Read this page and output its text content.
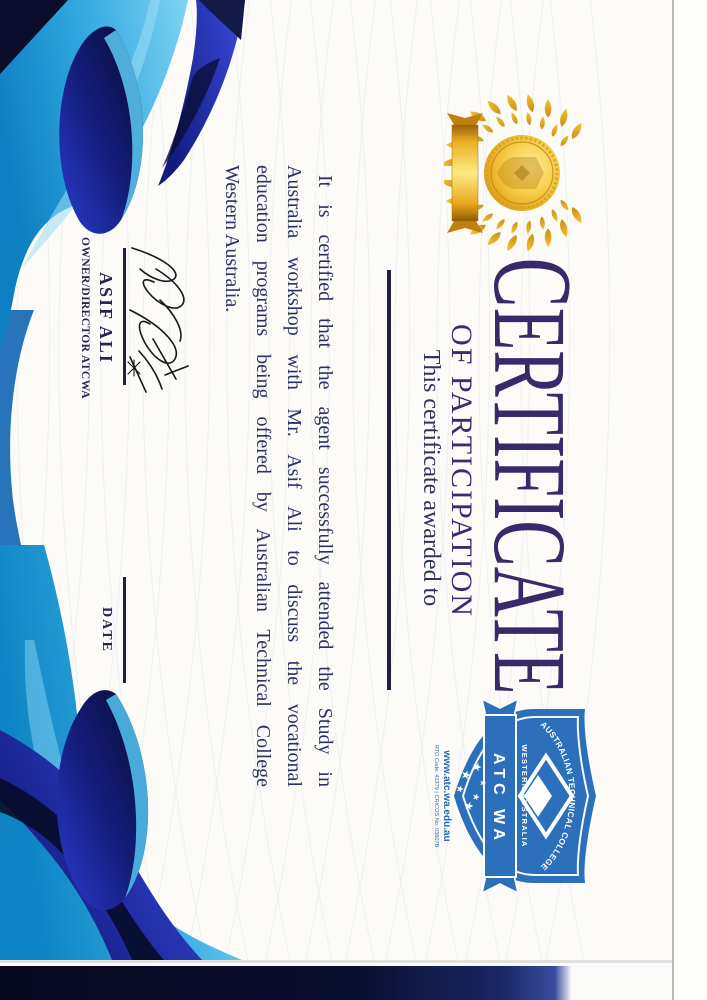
CERTIFICATE
OF PARTICIPATION
This certificate awarded to
It is certified that the agent successfully attended the Study in
Australia workshop with Mr. Asif Ali to discuss the vocational
education programs being offered by Australian Technical College
Western Australia.
ASIF ALI
OWNER/DIRECTOR ATCWA
DATE
AUSTRALIAN TECHNICAL COLLEGE
WESTERN AUSTRALIA
ATC WA
www.atc.wa.edu.au
RTO Code: 41379 | CRICOS No: 03607B
